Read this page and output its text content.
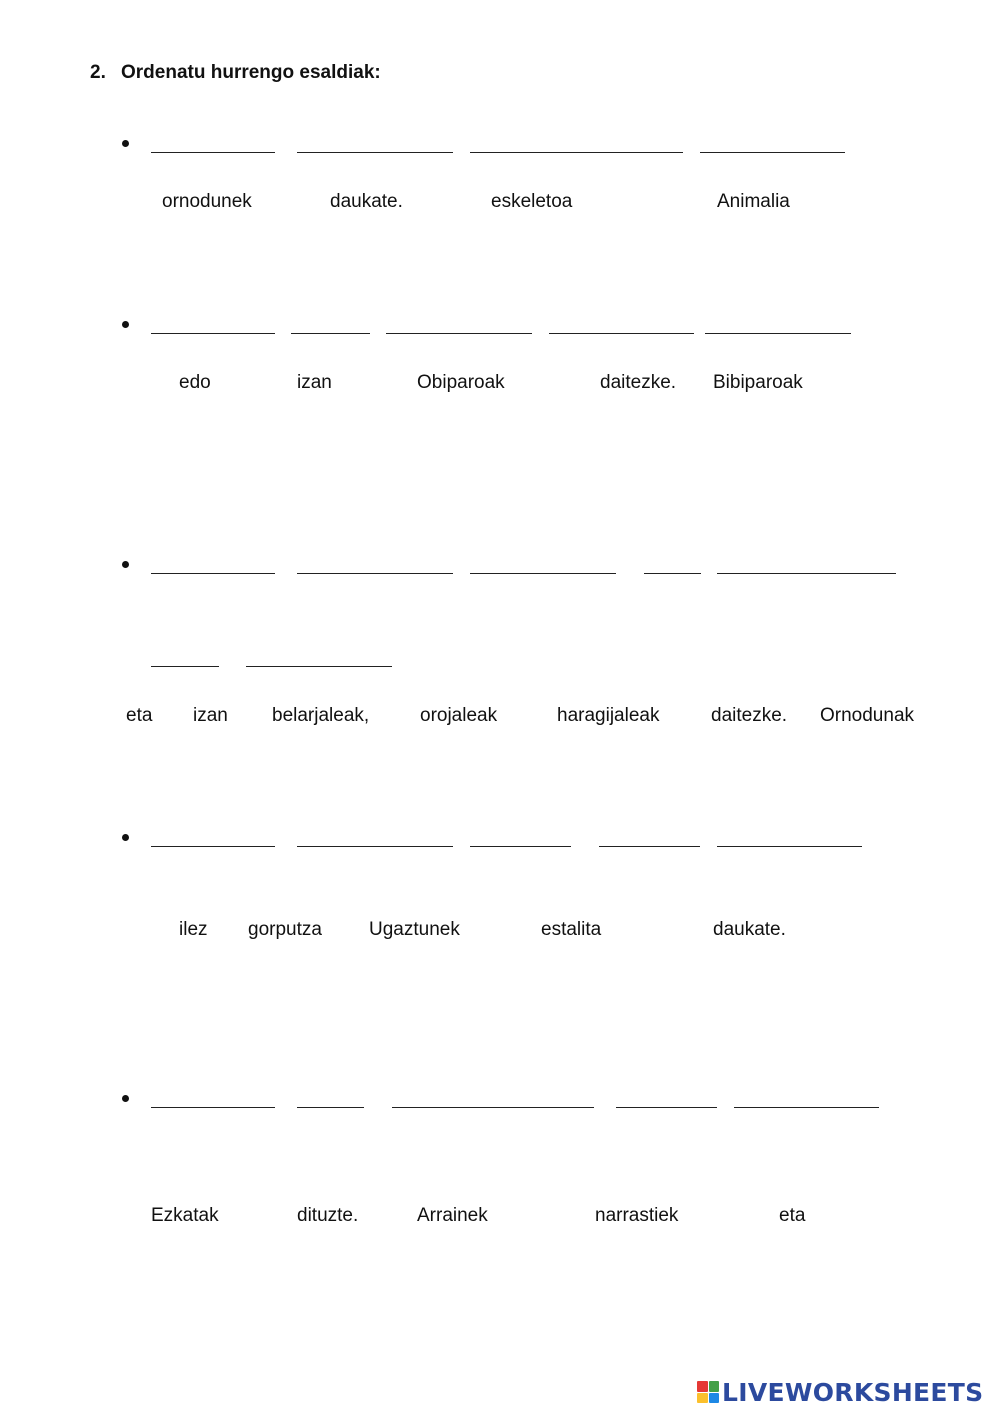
2. Ordenatu hurrengo esaldiak:
ornodunek	daukate.	eskeletoa	Animalia
edo	izan	Obiparoak	daitezke. Bibiparoak
eta izan belarjaleak,	orojaleak	haragijaleak	daitezke. Ornodunak
ilez gorputza Ugaztunek	estalita	daukate.
Ezkatak	dituzte.	Arrainek	narrastiek	eta
LIVEWORKSHEETS
